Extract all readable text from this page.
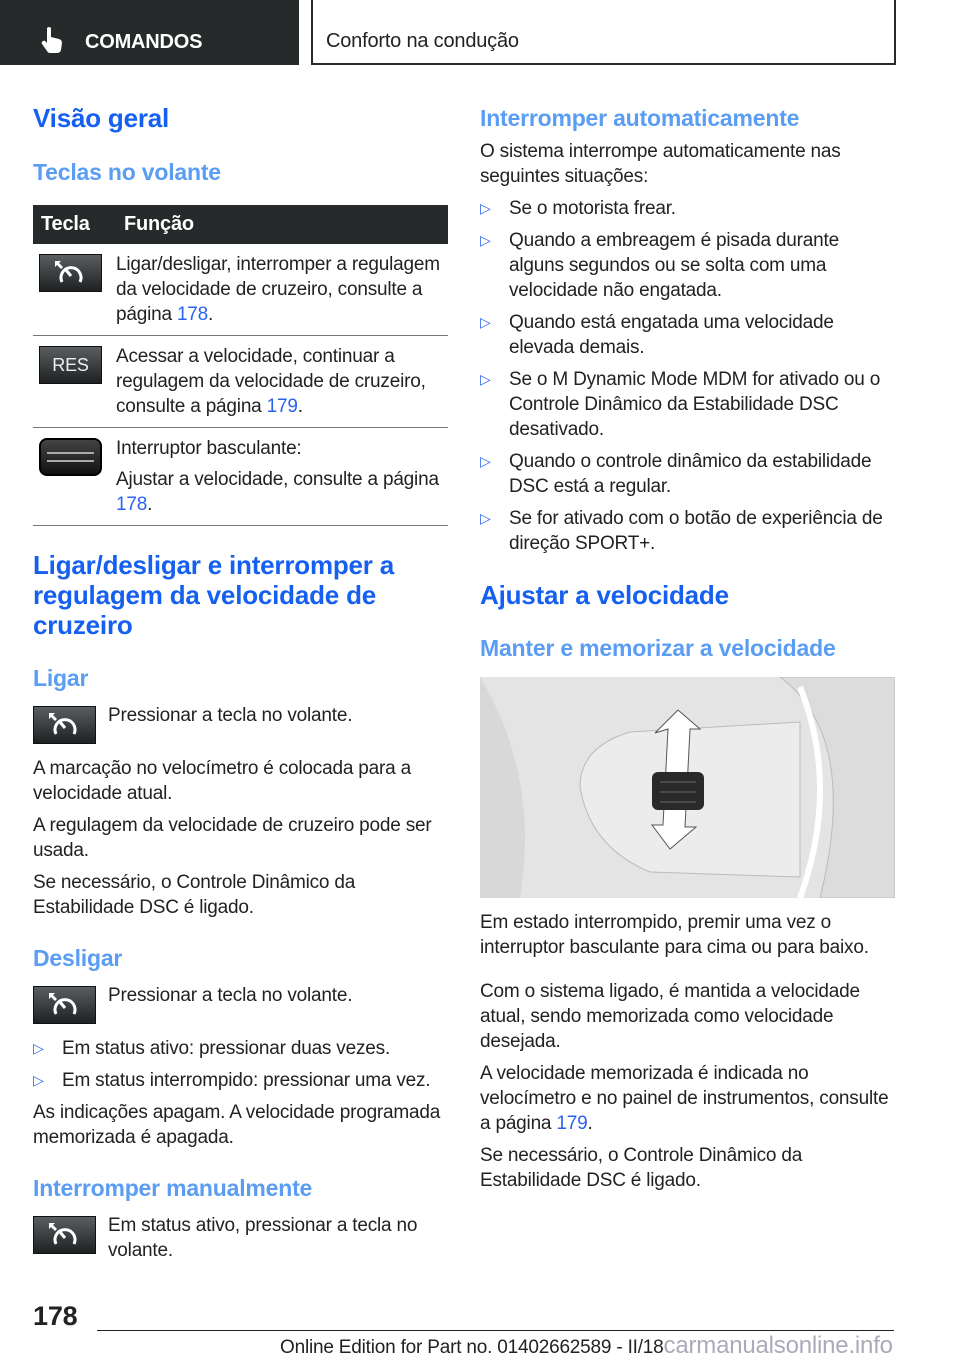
COMANDOS	Conforto na condução
Visão geral
Teclas no volante
Tecla	Função

	Ligar/desligar, interromper a regulagem da velocidade de cruzeiro, consulte a página 178.

RES	Acessar a velocidade, continuar a regulagem da velocidade de cruzeiro, consulte a página 179.

	Interruptor basculante:
Ajustar a velocidade, consulte a página 178.
Ligar/desligar e interromper a regulagem da velocidade de cruzeiro
Ligar
Pressionar a tecla no volante.
A marcação no velocímetro é colocada para a velocidade atual.
A regulagem da velocidade de cruzeiro pode ser usada.
Se necessário, o Controle Dinâmico da Estabilidade DSC é ligado.
Desligar
Pressionar a tecla no volante.
▷ Em status ativo: pressionar duas vezes.
▷ Em status interrompido: pressionar uma vez.
As indicações apagam. A velocidade programada memorizada é apagada.
Interromper manualmente
Em status ativo, pressionar a tecla no volante.
Interromper automaticamente
O sistema interrompe automaticamente nas seguintes situações:
▷ Se o motorista frear.
▷ Quando a embreagem é pisada durante alguns segundos ou se solta com uma velocidade não engatada.
▷ Quando está engatada uma velocidade elevada demais.
▷ Se o M Dynamic Mode MDM for ativado ou o Controle Dinâmico da Estabilidade DSC desativado.
▷ Quando o controle dinâmico da estabilidade DSC está a regular.
▷ Se for ativado com o botão de experiência de direção SPORT+.
Ajustar a velocidade
Manter e memorizar a velocidade
Em estado interrompido, premir uma vez o interruptor basculante para cima ou para baixo.
Com o sistema ligado, é mantida a velocidade atual, sendo memorizada como velocidade desejada.
A velocidade memorizada é indicada no velocímetro e no painel de instrumentos, consulte a página 179.
Se necessário, o Controle Dinâmico da Estabilidade DSC é ligado.
178
Online Edition for Part no. 01402662589 - II/18carmanualsonline.info
